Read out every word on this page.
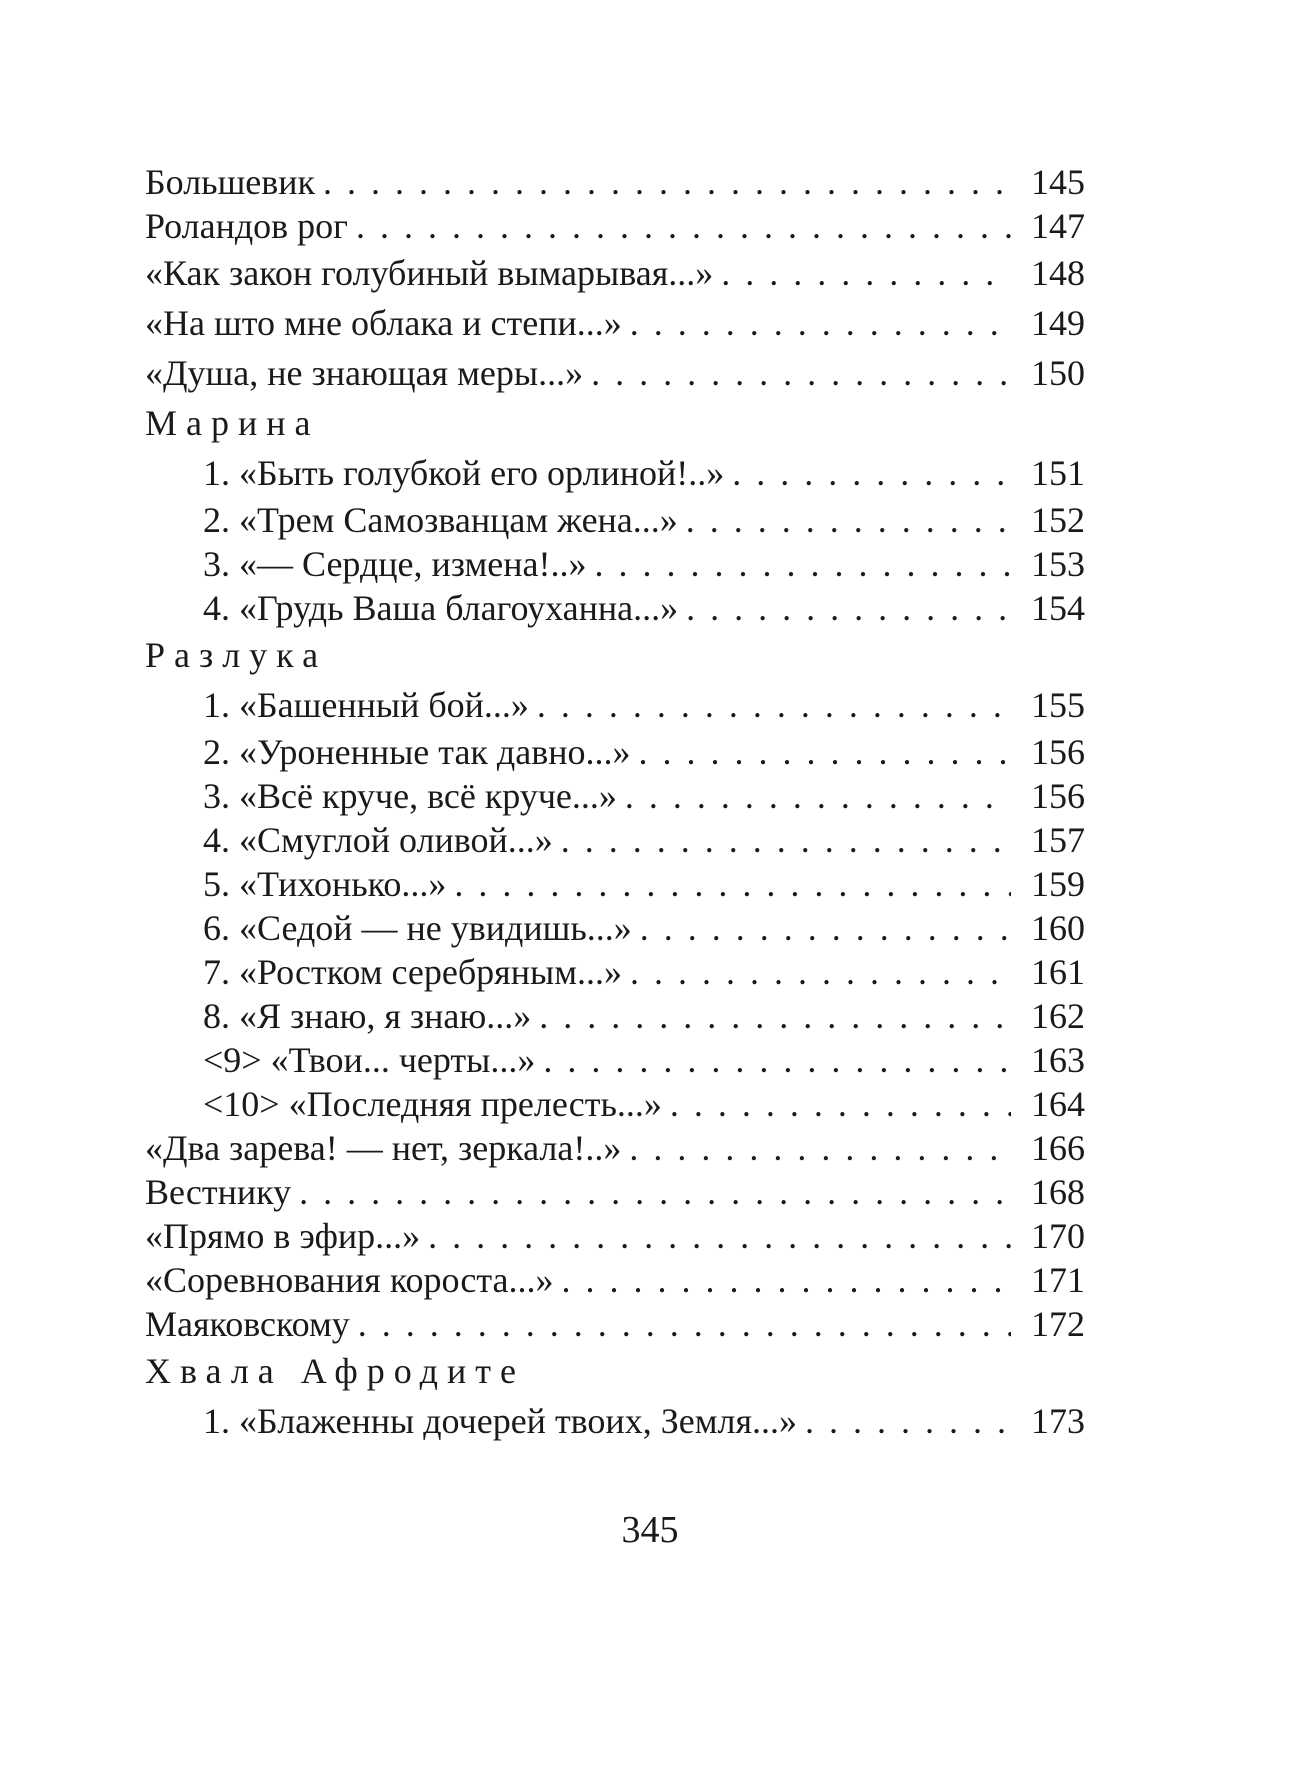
Большевик . . .	145
Роландов рог . . .	147
«Как закон голубиный вымарывая...» . . .	148
«На што мне облака и степи...» . . .	149
«Душа, не знающая меры...» . . .	150
Марина
1. «Быть голубкой его орлиной!..» . . .	151
2. «Трем Самозванцам жена...» . . .	152
3. «— Сердце, измена!..» . . .	153
4. «Грудь Ваша благоуханна...» . . .	154
Разлука
1. «Башенный бой...» . . .	155
2. «Уроненные так давно...» . . .	156
3. «Всё круче, всё круче...» . . .	156
4. «Смуглой оливой...» . . .	157
5. «Тихонько...» . . .	159
6. «Седой — не увидишь...» . . .	160
7. «Ростком серебряным...» . . .	161
8. «Я знаю, я знаю...» . . .	162
<9> «Твои... черты...» . . .	163
<10> «Последняя прелесть...» . . .	164
«Два зарева! — нет, зеркала!..» . . .	166
Вестнику . . .	168
«Прямо в эфир...» . . .	170
«Соревнования короста...» . . .	171
Маяковскому . . .	172
Хвала Афродите
1. «Блаженны дочерей твоих, Земля...» . . .	173
345
